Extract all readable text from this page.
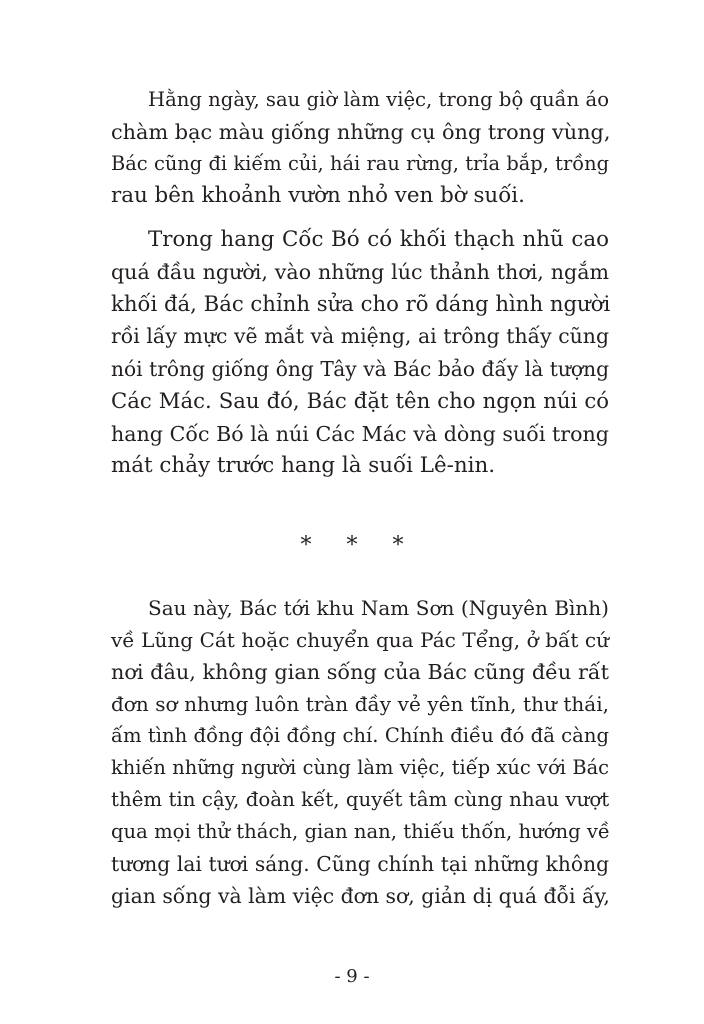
Hằng ngày, sau giờ làm việc, trong bộ quần áo
chàm bạc màu giống những cụ ông trong vùng,
Bác cũng đi kiếm củi, hái rau rừng, trỉa bắp, trồng
rau bên khoảnh vườn nhỏ ven bờ suối.
Trong hang Cốc Bó có khối thạch nhũ cao
quá đầu người, vào những lúc thảnh thơi, ngắm
khối đá, Bác chỉnh sửa cho rõ dáng hình người
rồi lấy mực vẽ mắt và miệng, ai trông thấy cũng
nói trông giống ông Tây và Bác bảo đấy là tượng
Các Mác. Sau đó, Bác đặt tên cho ngọn núi có
hang Cốc Bó là núi Các Mác và dòng suối trong
mát chảy trước hang là suối Lê-nin.
* * *
Sau này, Bác tới khu Nam Sơn (Nguyên Bình)
về Lũng Cát hoặc chuyển qua Pác Tểng, ở bất cứ
nơi đâu, không gian sống của Bác cũng đều rất
đơn sơ nhưng luôn tràn đầy vẻ yên tĩnh, thư thái,
ấm tình đồng đội đồng chí. Chính điều đó đã càng
khiến những người cùng làm việc, tiếp xúc với Bác
thêm tin cậy, đoàn kết, quyết tâm cùng nhau vượt
qua mọi thử thách, gian nan, thiếu thốn, hướng về
tương lai tươi sáng. Cũng chính tại những không
gian sống và làm việc đơn sơ, giản dị quá đỗi ấy,
- 9 -
